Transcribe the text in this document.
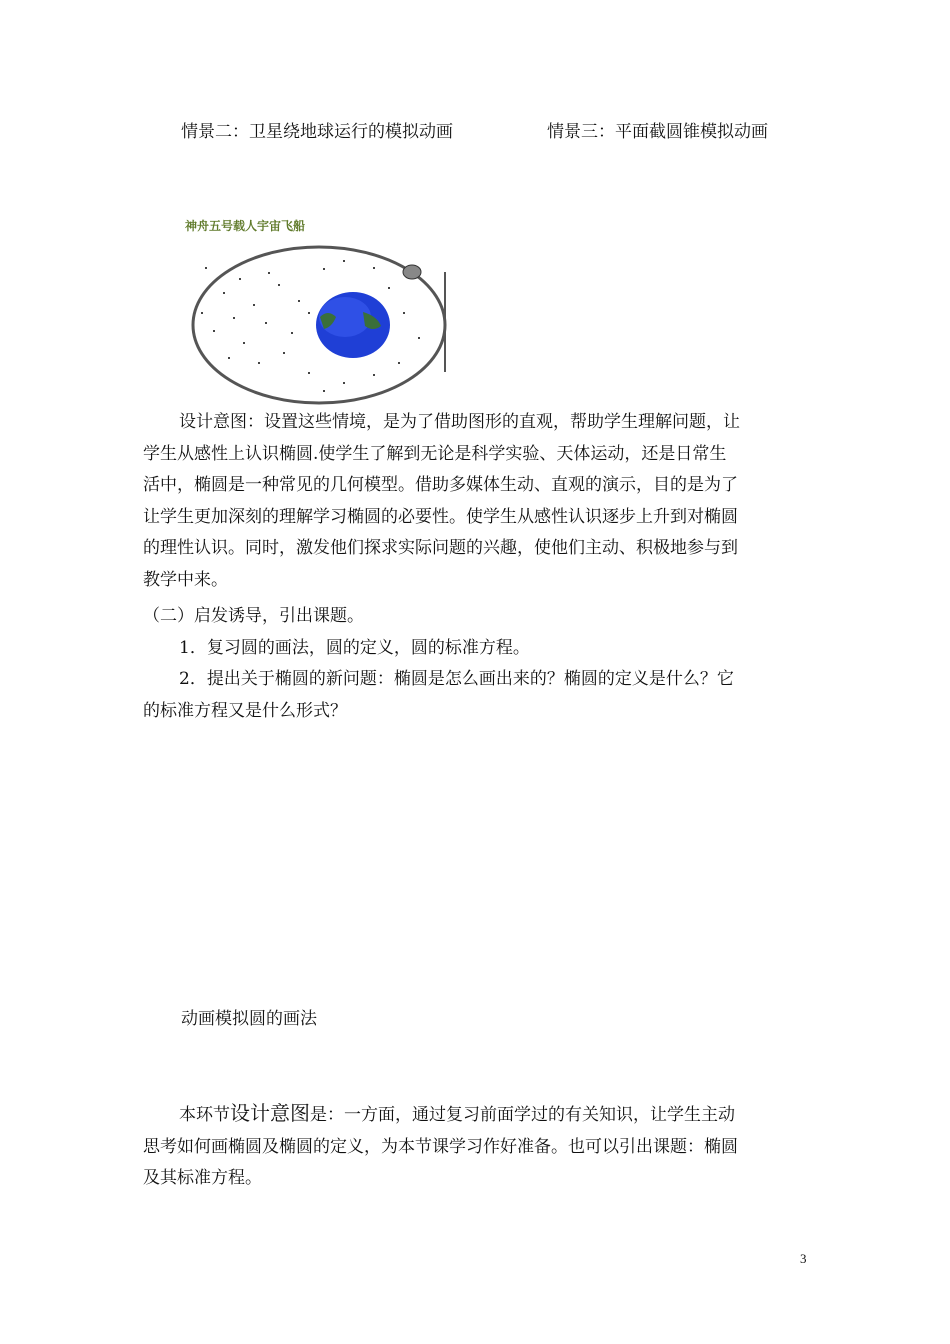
情景二：卫星绕地球运行的模拟动画	情景三：平面截圆锥模拟动画
神舟五号载人宇宙飞船

设计意图：设置这些情境，是为了借助图形的直观，帮助学生理解问题，让

学生从感性上认识椭圆.使学生了解到无论是科学实验、天体运动，还是日常生

活中，椭圆是一种常见的几何模型。借助多媒体生动、直观的演示，目的是为了

让学生更加深刻的理解学习椭圆的必要性。使学生从感性认识逐步上升到对椭圆

的理性认识。同时，激发他们探求实际问题的兴趣，使他们主动、积极地参与到

教学中来。

（二）启发诱导，引出课题。

1．复习圆的画法，圆的定义，圆的标准方程。

2．提出关于椭圆的新问题：椭圆是怎么画出来的？椭圆的定义是什么？它

的标准方程又是什么形式？

动画模拟圆的画法

本环节设计意图是：一方面，通过复习前面学过的有关知识，让学生主动

思考如何画椭圆及椭圆的定义，为本节课学习作好准备。也可以引出课题：椭圆

及其标准方程。

3
